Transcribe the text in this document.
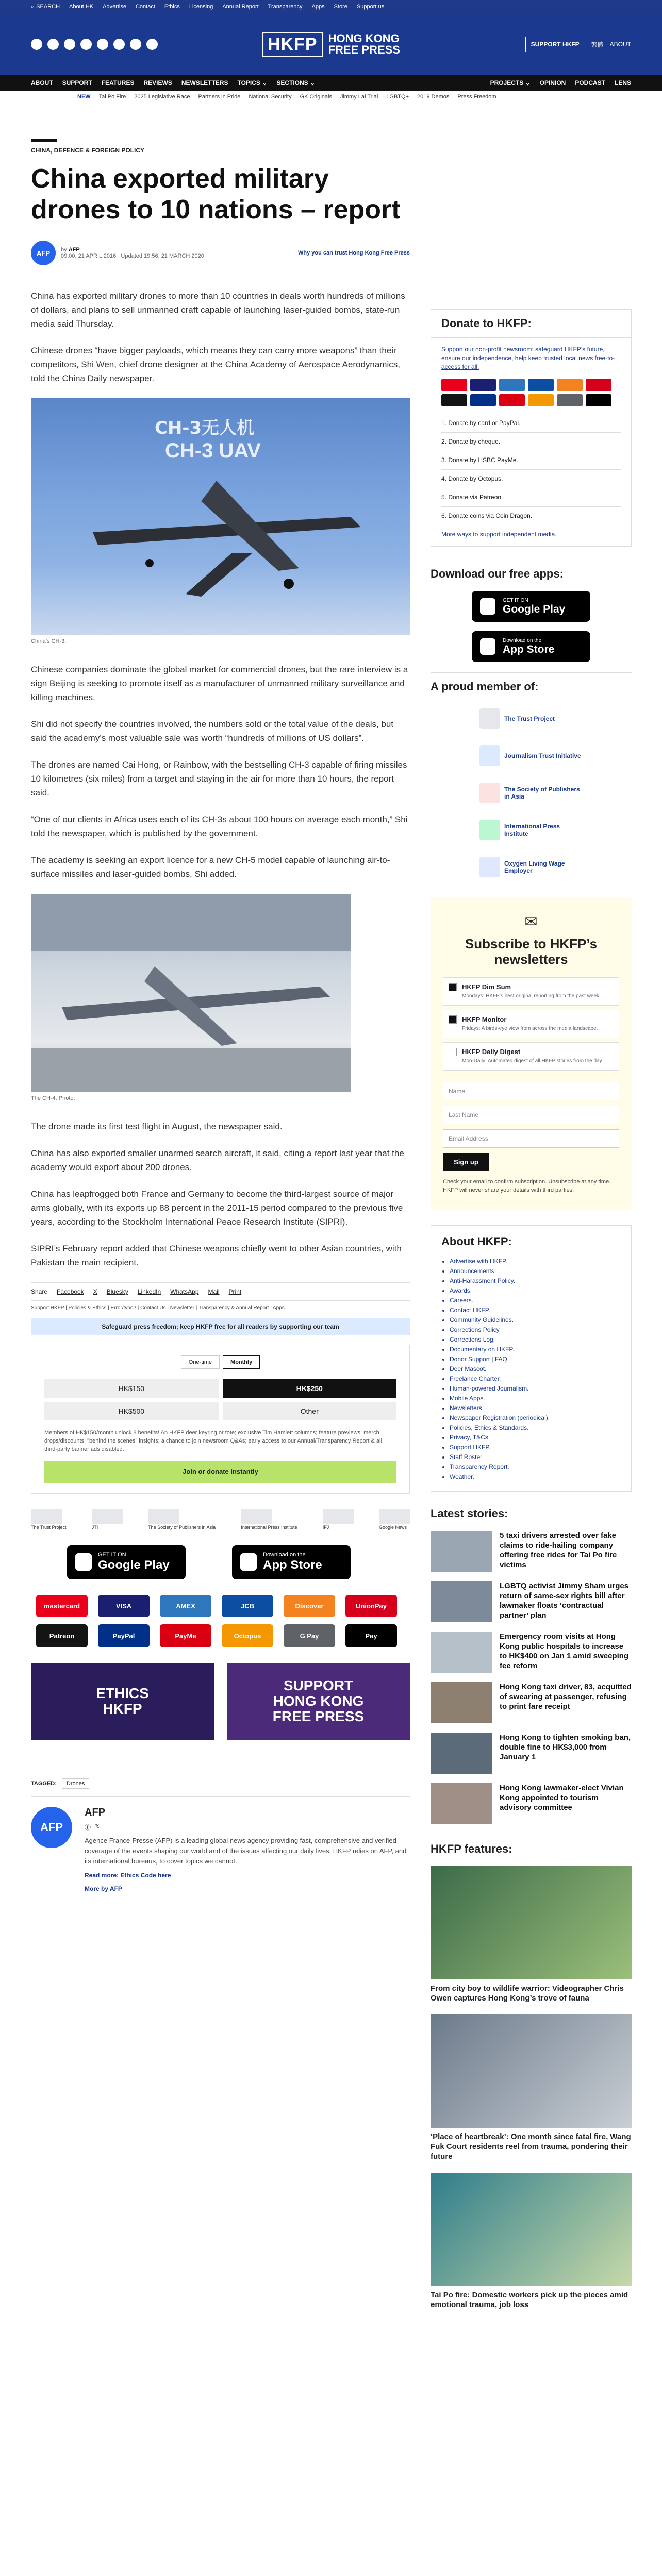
⌕ SEARCH About HK Advertise Contact Ethics Licensing Annual Report Transparency Apps Store Support us
HKFP HONG KONG
FREE PRESS	SUPPORT HKFP	繁體 ABOUT
ABOUT SUPPORT FEATURES REVIEWS NEWSLETTERS TOPICS ⌄ SECTIONS ⌄	PROJECTS ⌄ OPINION PODCAST LENS
NEW Tai Po Fire 2025 Legislative Race Partners in Pride National Security GK Originals Jimmy Lai Trial LGBTQ+ 2019 Demos Press Freedom
CHINA, DEFENCE & FOREIGN POLICY
China exported military drones to 10 nations – report
AFP	by AFP
09:00, 21 APRIL 2016 Updated 19:56, 21 MARCH 2020	Why you can trust Hong Kong Free Press

China has exported military drones to more than 10 countries in deals worth hundreds of millions of dollars, and plans to sell unmanned craft capable of launching laser-guided bombs, state-run media said Thursday.

Chinese drones “have bigger payloads, which means they can carry more weapons” than their competitors, Shi Wen, chief drone designer at the China Academy of Aerospace Aerodynamics, told the China Daily newspaper.

CH-3无人机
CH-3 UAV
China’s CH-3.

Chinese companies dominate the global market for commercial drones, but the rare interview is a sign Beijing is seeking to promote itself as a manufacturer of unmanned military surveillance and killing machines.

Shi did not specify the countries involved, the numbers sold or the total value of the deals, but said the academy’s most valuable sale was worth “hundreds of millions of US dollars”.

The drones are named Cai Hong, or Rainbow, with the bestselling CH-3 capable of firing missiles 10 kilometres (six miles) from a target and staying in the air for more than 10 hours, the report said.

“One of our clients in Africa uses each of its CH-3s about 100 hours on average each month,” Shi told the newspaper, which is published by the government.

The academy is seeking an export licence for a new CH-5 model capable of launching air-to-surface missiles and laser-guided bombs, Shi added.

The CH-4. Photo:

The drone made its first test flight in August, the newspaper said.

China has also exported smaller unarmed search aircraft, it said, citing a report last year that the academy would export about 200 drones.

China has leapfrogged both France and Germany to become the third-largest source of major arms globally, with its exports up 88 percent in the 2011-15 period compared to the previous five years, according to the Stockholm International Peace Research Institute (SIPRI).

SIPRI’s February report added that Chinese weapons chiefly went to other Asian countries, with Pakistan the main recipient.

Share Facebook X Bluesky LinkedIn WhatsApp Mail Print
Support HKFP | Policies & Ethics | Error/typo? | Contact Us | Newsletter | Transparency & Annual Report | Apps
Safeguard press freedom; keep HKFP free for all readers by supporting our team
One-time	Monthly
HK$150	HK$250
HK$500	Other
Members of HK$150/month unlock 8 benefits! An HKFP deer keyring or tote; exclusive Tim Hamlett columns; feature previews; merch drops/discounts; "behind the scenes" insights; a chance to join newsroom Q&As; early access to our Annual/Transparency Report & all third-party banner ads disabled.
Join or donate instantly
The Trust Project	JTI	The Society of Publishers in Asia	International Press Institute	IFJ	Google News
GET IT ON
Google Play
Download on the
App Store
mastercard	VISA	AMEX	JCB	Discover	UnionPay
Patreon	PayPal	PayMe	Octopus	G Pay	Pay
ETHICS
HKFP
SUPPORT
HONG KONG
FREE PRESS
TAGGED:	Drones
AFP
AFP
ⓕ 𝕏

Agence France-Presse (AFP) is a leading global news agency providing fast, comprehensive and verified coverage of the events shaping our world and of the issues affecting our daily lives. HKFP relies on AFP, and its international bureaus, to cover topics we cannot.

Read more: Ethics Code here
More by AFP
Donate to HKFP:
Support our non-profit newsroom: safeguard HKFP’s future, ensure our independence, help keep trusted local news free-to-access for all.
1. Donate by card or PayPal.
2. Donate by cheque.
3. Donate by HSBC PayMe.
4. Donate by Octopus.
5. Donate via Patreon.
6. Donate coins via Coin Dragon.
More ways to support independent media.
Download our free apps:
GET IT ON
Google Play
Download on the
App Store
A proud member of:
The Trust Project
Journalism Trust Initiative
The Society of Publishers in Asia
International Press Institute
Oxygen Living Wage Employer
✉
Subscribe to HKFP’s newsletters
HKFP Dim Sum
Mondays: HKFP’s best original reporting from the past week.
HKFP Monitor
Fridays: A birds-eye view from across the media landscape.
HKFP Daily Digest
Mon-Daily: Automated digest of all HKFP stories from the day.
Name
Last Name
Email Address
Sign up
Check your email to confirm subscription. Unsubscribe at any time. HKFP will never share your details with third parties.
About HKFP:
• Advertise with HKFP.
• Announcements.
• Anti-Harassment Policy.
• Awards.
• Careers.
• Contact HKFP.
• Community Guidelines.
• Corrections Policy.
• Corrections Log.
• Documentary on HKFP.
• Donor Support | FAQ.
• Deer Mascot.
• Freelance Charter.
• Human-powered Journalism.
• Mobile Apps.
• Newsletters.
• Newspaper Registration (periodical).
• Policies, Ethics & Standards.
• Privacy, T&Cs.
• Support HKFP.
• Staff Roster.
• Transparency Report.
• Weather.
Latest stories:
5 taxi drivers arrested over fake claims to ride-hailing company offering free rides for Tai Po fire victims
LGBTQ activist Jimmy Sham urges return of same-sex rights bill after lawmaker floats ‘contractual partner’ plan
Emergency room visits at Hong Kong public hospitals to increase to HK$400 on Jan 1 amid sweeping fee reform
Hong Kong taxi driver, 83, acquitted of swearing at passenger, refusing to print fare receipt
Hong Kong to tighten smoking ban, double fine to HK$3,000 from January 1
Hong Kong lawmaker-elect Vivian Kong appointed to tourism advisory committee
HKFP features:
From city boy to wildlife warrior: Videographer Chris Owen captures Hong Kong’s trove of fauna
‘Place of heartbreak’: One month since fatal fire, Wang Fuk Court residents reel from trauma, pondering their future
Tai Po fire: Domestic workers pick up the pieces amid emotional trauma, job loss
